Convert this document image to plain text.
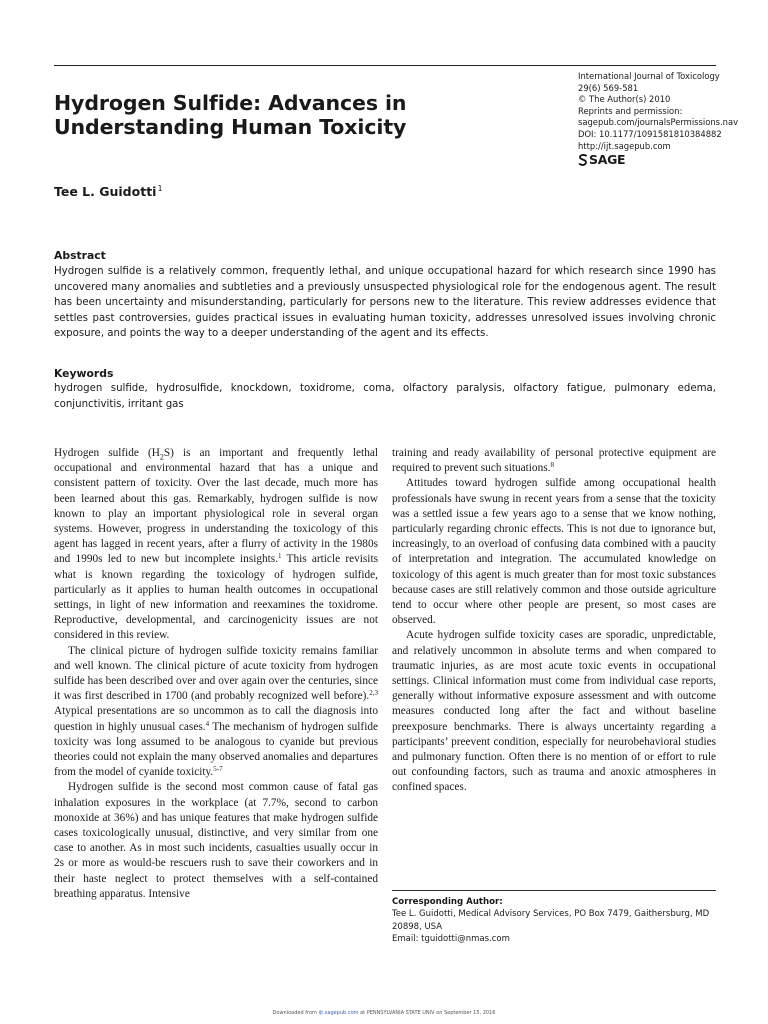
Hydrogen Sulfide: Advances in Understanding Human Toxicity
International Journal of Toxicology
29(6) 569-581
© The Author(s) 2010
Reprints and permission:
sagepub.com/journalsPermissions.nav
DOI: 10.1177/1091581810384882
http://ijt.sagepub.com
SAGE
Tee L. Guidotti$^1$
Abstract
Hydrogen sulfide is a relatively common, frequently lethal, and unique occupational hazard for which research since 1990 has uncovered many anomalies and subtleties and a previously unsuspected physiological role for the endogenous agent. The result has been uncertainty and misunderstanding, particularly for persons new to the literature. This review addresses evidence that settles past controversies, guides practical issues in evaluating human toxicity, addresses unresolved issues involving chronic exposure, and points the way to a deeper understanding of the agent and its effects.
Keywords
hydrogen sulfide, hydrosulfide, knockdown, toxidrome, coma, olfactory paralysis, olfactory fatigue, pulmonary edema, conjunctivitis, irritant gas

Hydrogen sulfide $(H_2S)$ is an important and frequently lethal occupational and environmental hazard that has a unique and consistent pattern of toxicity. Over the last decade, much more has been learned about this gas. Remarkably, hydrogen sulfide is now known to play an important physiological role in several organ systems. However, progress in understanding the toxicology of this agent has lagged in recent years, after a flurry of activity in the 1980s and 1990s led to new but incomplete insights.$^1$ This article revisits what is known regarding the toxicology of hydrogen sulfide, particularly as it applies to human health outcomes in occupational settings, in light of new information and reexamines the toxidrome. Reproductive, developmental, and carcinogenicity issues are not considered in this review.

The clinical picture of hydrogen sulfide toxicity remains familiar and well known. The clinical picture of acute toxicity from hydrogen sulfide has been described over and over again over the centuries, since it was first described in 1700 (and probably recognized well before).$^{2,3}$ Atypical presentations are so uncommon as to call the diagnosis into question in highly unusual cases.$^4$ The mechanism of hydrogen sulfide toxicity was long assumed to be analogous to cyanide but previous theories could not explain the many observed anomalies and departures from the model of cyanide toxicity.$^{5-7}$

Hydrogen sulfide is the second most common cause of fatal gas inhalation exposures in the workplace (at 7.7%, second to carbon monoxide at 36%) and has unique features that make hydrogen sulfide cases toxicologically unusual, distinctive, and very similar from one case to another. As in most such incidents, casualties usually occur in 2s or more as would-be rescuers rush to save their coworkers and in their haste neglect to protect themselves with a self-contained breathing apparatus. Intensive

training and ready availability of personal protective equipment are required to prevent such situations.$^8$

Attitudes toward hydrogen sulfide among occupational health professionals have swung in recent years from a sense that the toxicity was a settled issue a few years ago to a sense that we know nothing, particularly regarding chronic effects. This is not due to ignorance but, increasingly, to an overload of confusing data combined with a paucity of interpretation and integration. The accumulated knowledge on toxicology of this agent is much greater than for most toxic substances because cases are still relatively common and those outside agriculture tend to occur where other people are present, so most cases are observed.

Acute hydrogen sulfide toxicity cases are sporadic, unpredictable, and relatively uncommon in absolute terms and when compared to traumatic injuries, as are most acute toxic events in occupational settings. Clinical information must come from individual case reports, generally without informative exposure assessment and with outcome measures conducted long after the fact and without baseline preexposure benchmarks. There is always uncertainty regarding a participants’ preevent condition, especially for neurobehavioral studies and pulmonary function. Often there is no mention of or effort to rule out confounding factors, such as trauma and anoxic atmospheres in confined spaces.

Corresponding Author:
Tee L. Guidotti, Medical Advisory Services, PO Box 7479, Gaithersburg, MD
20898, USA
Email: tguidotti@nmas.com
Downloaded from ijt.sagepub.com at PENNSYLVANIA STATE UNIV on September 15, 2016
